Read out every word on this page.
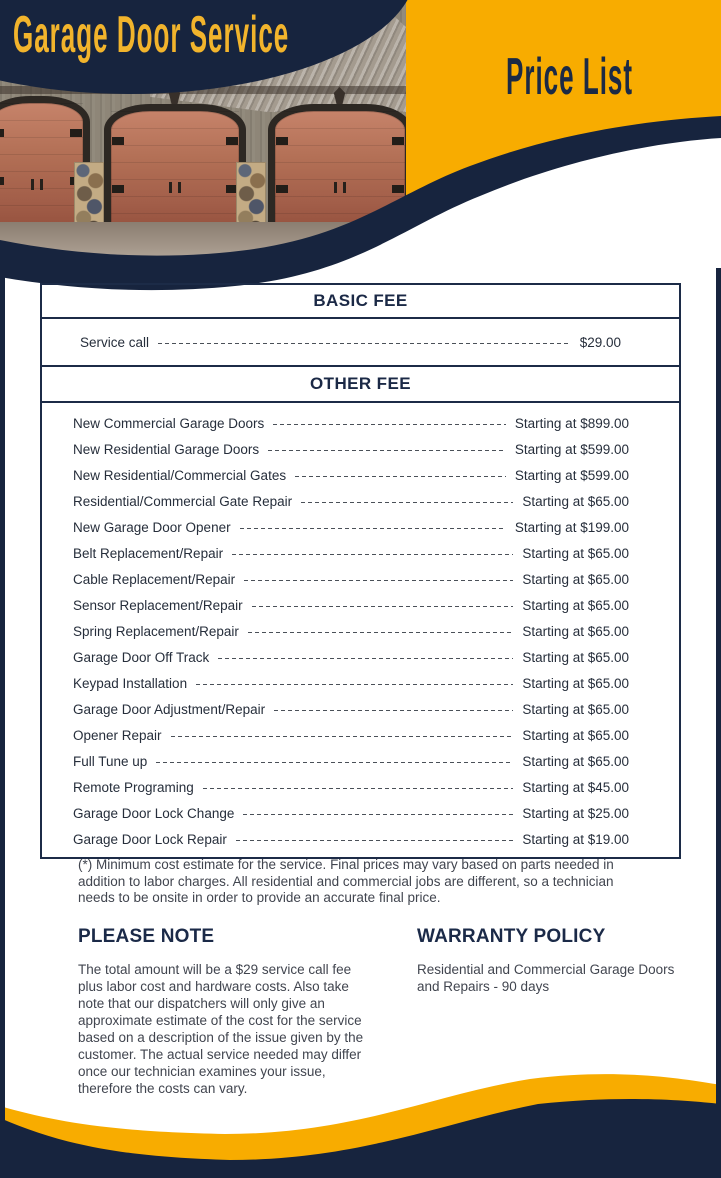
Garage Door Service
Price List
BASIC FEE
Service call	$29.00
OTHER FEE
New Commercial Garage Doors	Starting at $899.00
New Residential Garage Doors	Starting at $599.00
New Residential/Commercial Gates	Starting at $599.00
Residential/Commercial Gate Repair	Starting at $65.00
New Garage Door Opener	Starting at $199.00
Belt Replacement/Repair	Starting at $65.00
Cable Replacement/Repair	Starting at $65.00
Sensor Replacement/Repair	Starting at $65.00
Spring Replacement/Repair	Starting at $65.00
Garage Door Off Track	Starting at $65.00
Keypad Installation	Starting at $65.00
Garage Door Adjustment/Repair	Starting at $65.00
Opener Repair	Starting at $65.00
Full Tune up	Starting at $65.00
Remote Programing	Starting at $45.00
Garage Door Lock Change	Starting at $25.00
Garage Door Lock Repair	Starting at $19.00

(*) Minimum cost estimate for the service. Final prices may vary based on parts needed in addition to labor charges. All residential and commercial jobs are different, so a technician needs to be onsite in order to provide an accurate final price.

PLEASE NOTE

The total amount will be a $29 service call fee plus labor cost and hardware costs. Also take note that our dispatchers will only give an approximate estimate of the cost for the service based on a description of the issue given by the customer. The actual service needed may differ once our technician examines your issue, therefore the costs can vary.

WARRANTY POLICY

Residential and Commercial Garage Doors and Repairs - 90 days
